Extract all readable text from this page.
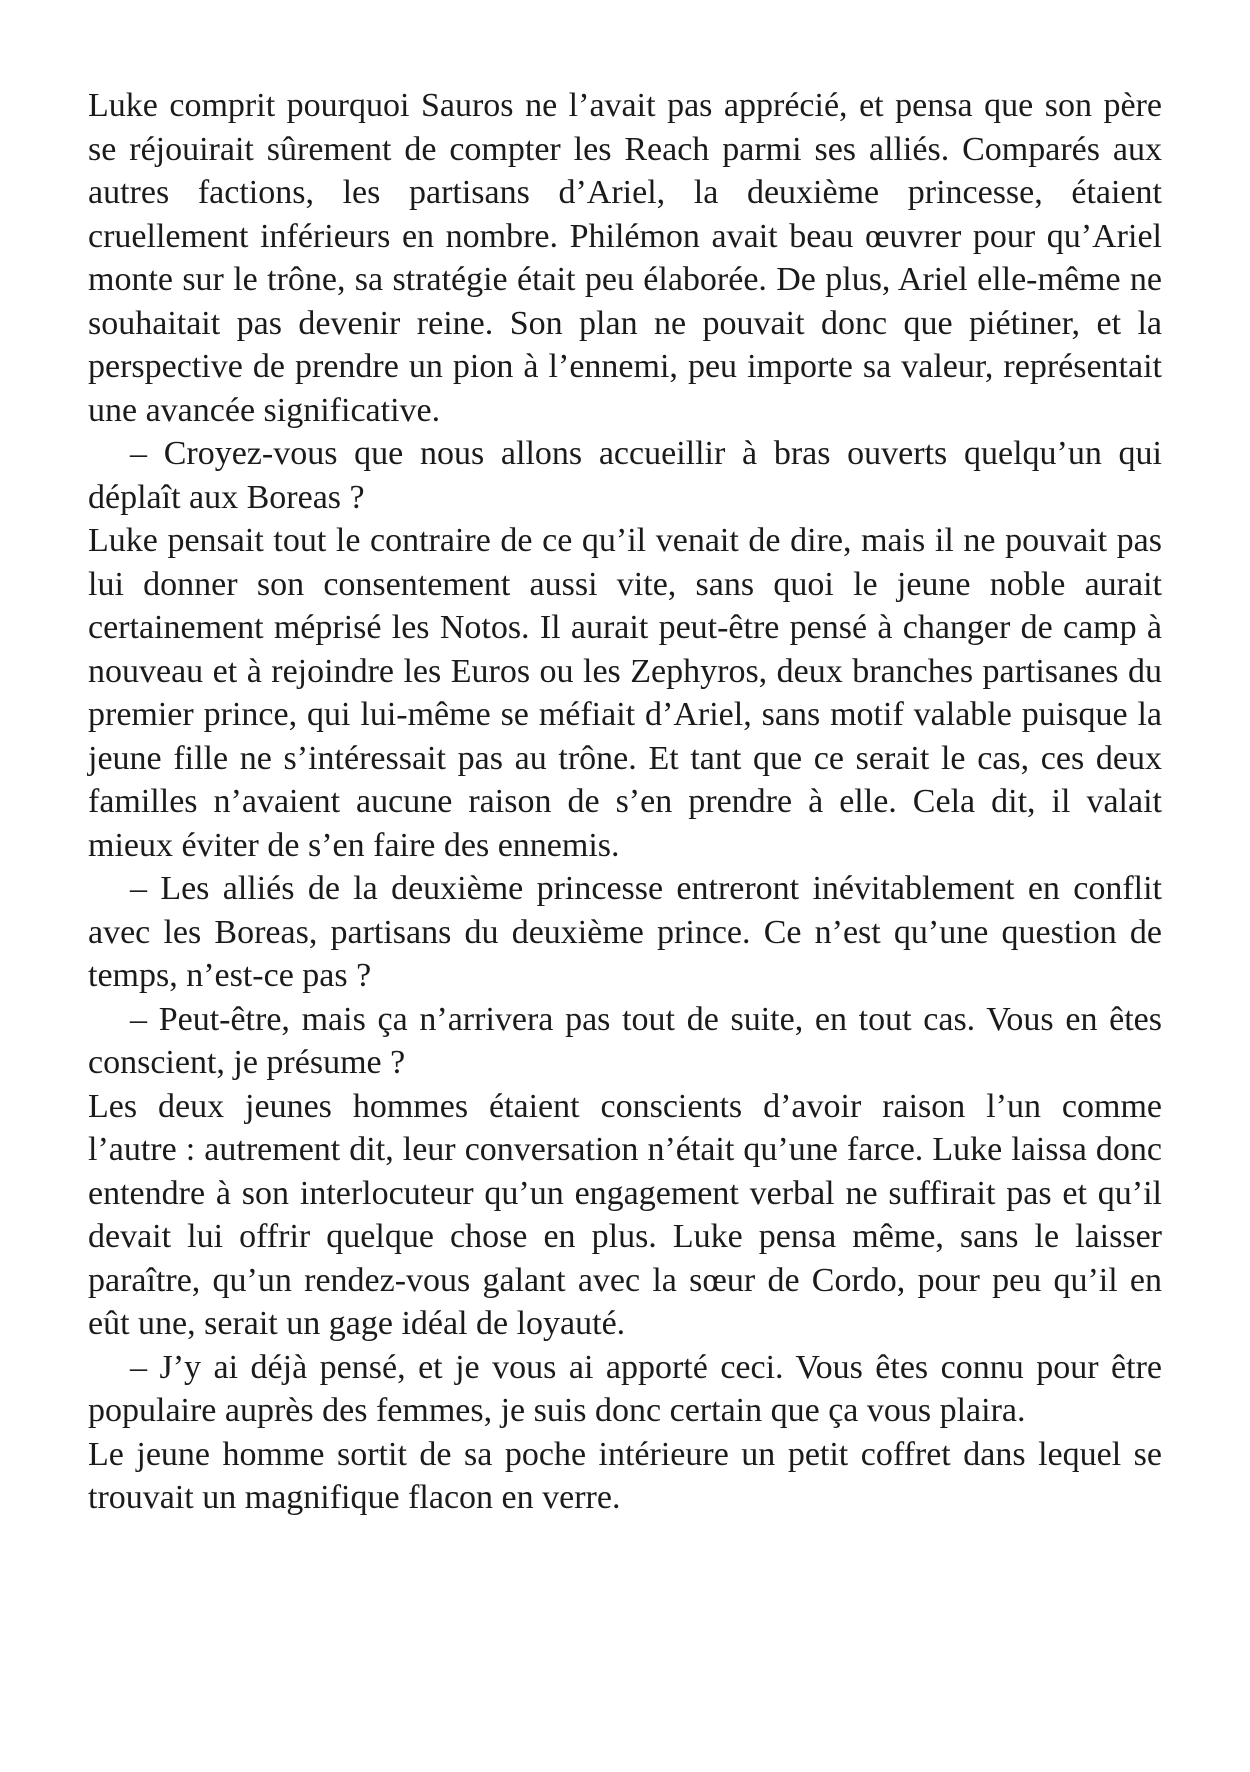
Luke comprit pourquoi Sauros ne l’avait pas apprécié, et pensa que son père se réjouirait sûrement de compter les Reach parmi ses alliés. Comparés aux autres factions, les partisans d’Ariel, la deuxième princesse, étaient cruellement inférieurs en nombre. Philémon avait beau œuvrer pour qu’Ariel monte sur le trône, sa stratégie était peu élaborée. De plus, Ariel elle-même ne souhaitait pas devenir reine. Son plan ne pouvait donc que piétiner, et la perspective de prendre un pion à l’ennemi, peu importe sa valeur, représentait une avancée significative.

– Croyez-vous que nous allons accueillir à bras ouverts quelqu’un qui déplaît aux Boreas ?

Luke pensait tout le contraire de ce qu’il venait de dire, mais il ne pouvait pas lui donner son consentement aussi vite, sans quoi le jeune noble aurait certainement méprisé les Notos. Il aurait peut-être pensé à changer de camp à nouveau et à rejoindre les Euros ou les Zephyros, deux branches partisanes du premier prince, qui lui-même se méfiait d’Ariel, sans motif valable puisque la jeune fille ne s’intéressait pas au trône. Et tant que ce serait le cas, ces deux familles n’avaient aucune raison de s’en prendre à elle. Cela dit, il valait mieux éviter de s’en faire des ennemis.

– Les alliés de la deuxième princesse entreront inévitablement en conflit avec les Boreas, partisans du deuxième prince. Ce n’est qu’une question de temps, n’est-ce pas ?

– Peut-être, mais ça n’arrivera pas tout de suite, en tout cas. Vous en êtes conscient, je présume ?

Les deux jeunes hommes étaient conscients d’avoir raison l’un comme l’autre : autrement dit, leur conversation n’était qu’une farce. Luke laissa donc entendre à son interlocuteur qu’un engagement verbal ne suffirait pas et qu’il devait lui offrir quelque chose en plus. Luke pensa même, sans le laisser paraître, qu’un rendez-vous galant avec la sœur de Cordo, pour peu qu’il en eût une, serait un gage idéal de loyauté.

– J’y ai déjà pensé, et je vous ai apporté ceci. Vous êtes connu pour être populaire auprès des femmes, je suis donc certain que ça vous plaira.

Le jeune homme sortit de sa poche intérieure un petit coffret dans lequel se trouvait un magnifique flacon en verre.
